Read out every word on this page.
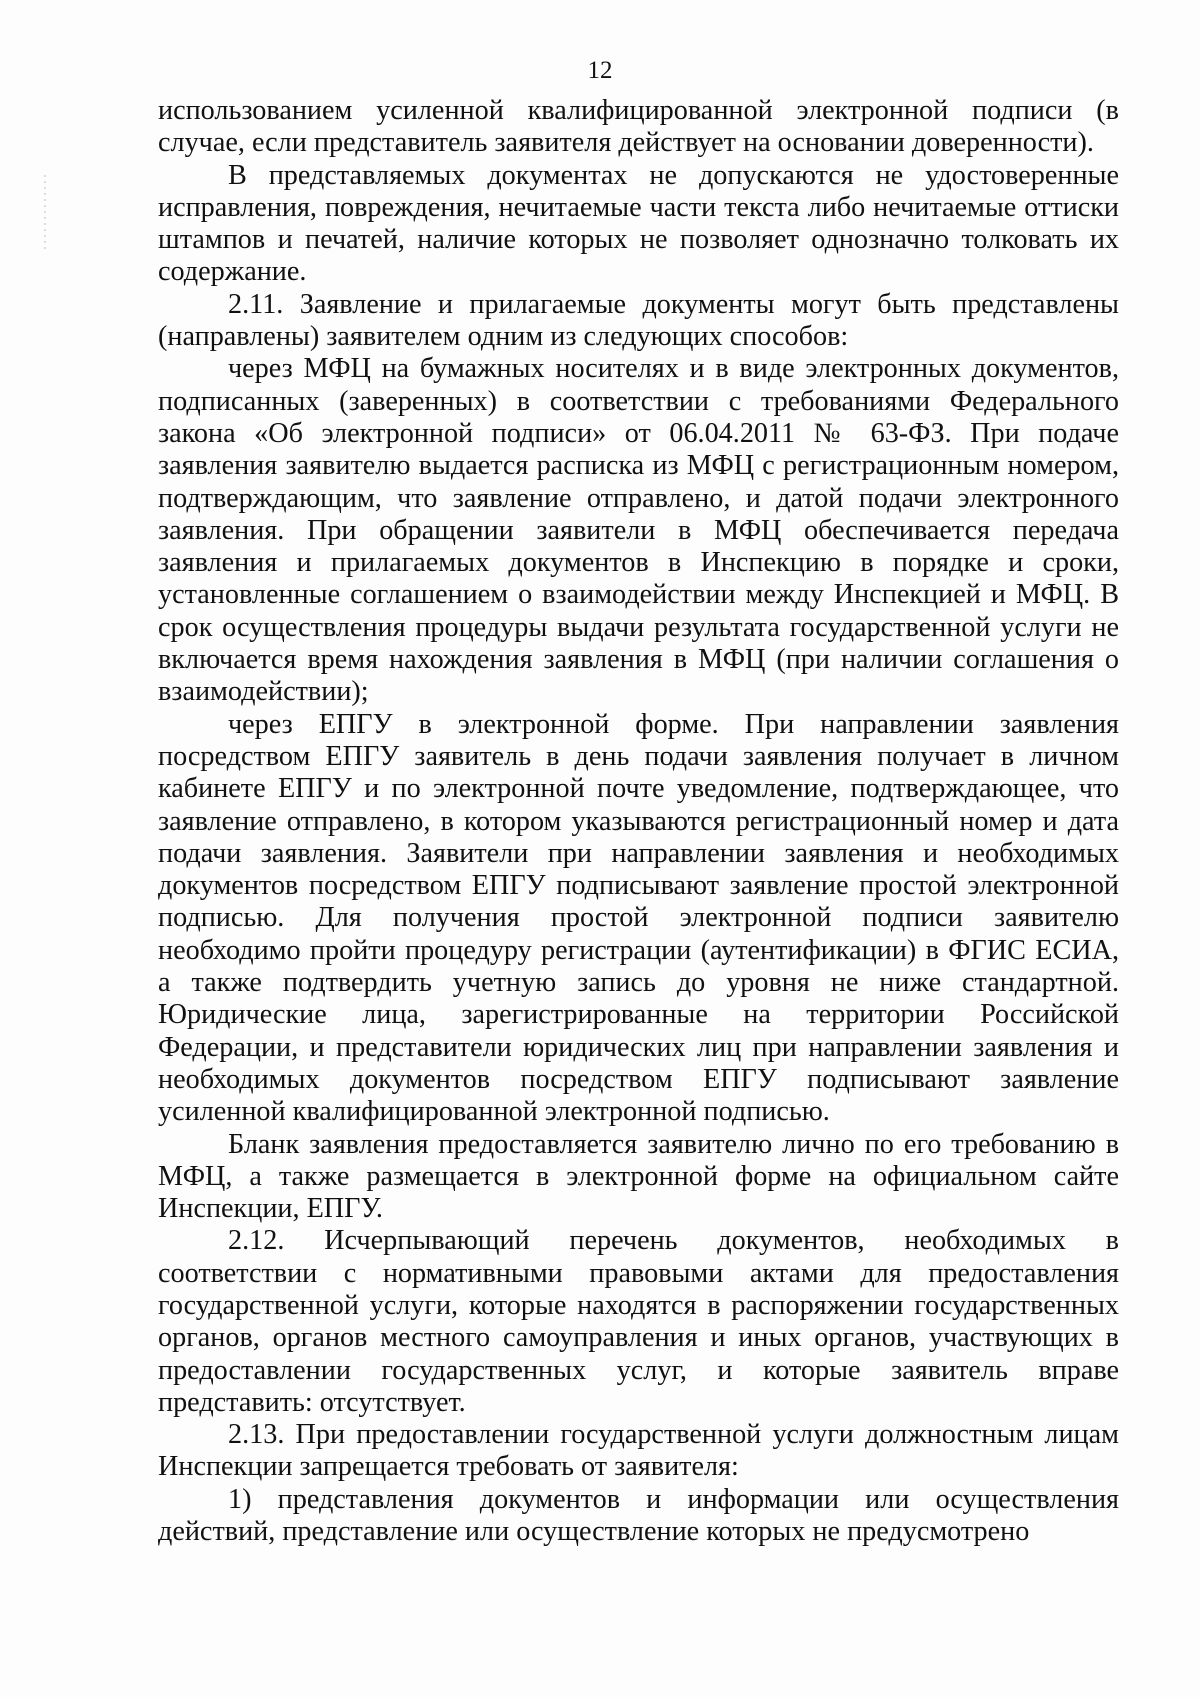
12

использованием усиленной квалифицированной электронной подписи (в случае, если представитель заявителя действует на основании доверенности).

В представляемых документах не допускаются не удостоверенные исправления, повреждения, нечитаемые части текста либо нечитаемые оттиски штампов и печатей, наличие которых не позволяет однозначно толковать их содержание.

2.11. Заявление и прилагаемые документы могут быть представлены (направлены) заявителем одним из следующих способов:

через МФЦ на бумажных носителях и в виде электронных документов, подписанных (заверенных) в соответствии с требованиями Федерального закона «Об электронной подписи» от 06.04.2011 № 63-ФЗ. При подаче заявления заявителю выдается расписка из МФЦ с регистрационным номером, подтверждающим, что заявление отправлено, и датой подачи электронного заявления. При обращении заявители в МФЦ обеспечивается передача заявления и прилагаемых документов в Инспекцию в порядке и сроки, установленные соглашением о взаимодействии между Инспекцией и МФЦ. В срок осуществления процедуры выдачи результата государственной услуги не включается время нахождения заявления в МФЦ (при наличии соглашения о взаимодействии);

через ЕПГУ в электронной форме. При направлении заявления посредством ЕПГУ заявитель в день подачи заявления получает в личном кабинете ЕПГУ и по электронной почте уведомление, подтверждающее, что заявление отправлено, в котором указываются регистрационный номер и дата подачи заявления. Заявители при направлении заявления и необходимых документов посредством ЕПГУ подписывают заявление простой электронной подписью. Для получения простой электронной подписи заявителю необходимо пройти процедуру регистрации (аутентификации) в ФГИС ЕСИА, а также подтвердить учетную запись до уровня не ниже стандартной. Юридические лица, зарегистрированные на территории Российской Федерации, и представители юридических лиц при направлении заявления и необходимых документов посредством ЕПГУ подписывают заявление усиленной квалифицированной электронной подписью.

Бланк заявления предоставляется заявителю лично по его требованию в МФЦ, а также размещается в электронной форме на официальном сайте Инспекции, ЕПГУ.

2.12. Исчерпывающий перечень документов, необходимых в соответствии с нормативными правовыми актами для предоставления государственной услуги, которые находятся в распоряжении государственных органов, органов местного самоуправления и иных органов, участвующих в предоставлении государственных услуг, и которые заявитель вправе представить: отсутствует.

2.13. При предоставлении государственной услуги должностным лицам Инспекции запрещается требовать от заявителя:

1) представления документов и информации или осуществления действий, представление или осуществление которых не предусмотрено
